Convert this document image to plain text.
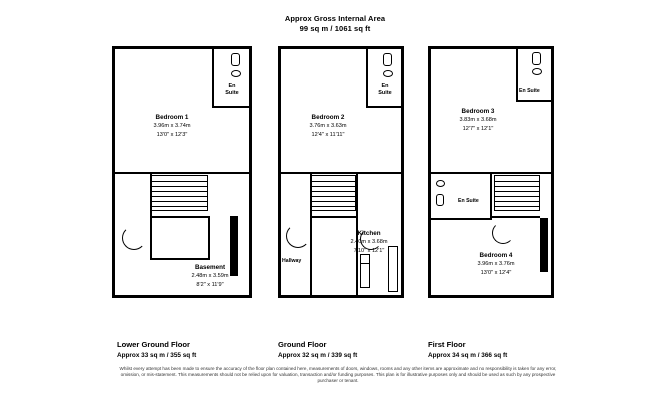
Approx Gross Internal Area
99 sq m / 1061 sq ft
En
Suite
Bedroom 1
3.96m x 3.74m
13'0" x 12'3"
Basement
2.48m x 3.59m
8'2" x 11'9"
En
Suite
Bedroom 2
3.76m x 3.63m
12'4" x 11'11"
Hallway
Kitchen
2.40m x 3.68m
7'10" x 12'1"
En Suite
Bedroom 3
3.83m x 3.68m
12'7" x 12'1"
En Suite
Bedroom 4
3.96m x 3.76m
13'0" x 12'4"
Lower Ground Floor
Approx 33 sq m / 355 sq ft
Ground Floor
Approx 32 sq m / 339 sq ft
First Floor
Approx 34 sq m / 366 sq ft
Whilst every attempt has been made to ensure the accuracy of the floor plan contained here, measurements of doors, windows, rooms and any other items are approximate and no responsibility is taken for any error, omission, or mis-statement. This measurements should not be relied upon for valuation, transaction and/or funding purposes. This plan is for illustrative purposes only and should be used as such by any prospective purchaser or tenant.
